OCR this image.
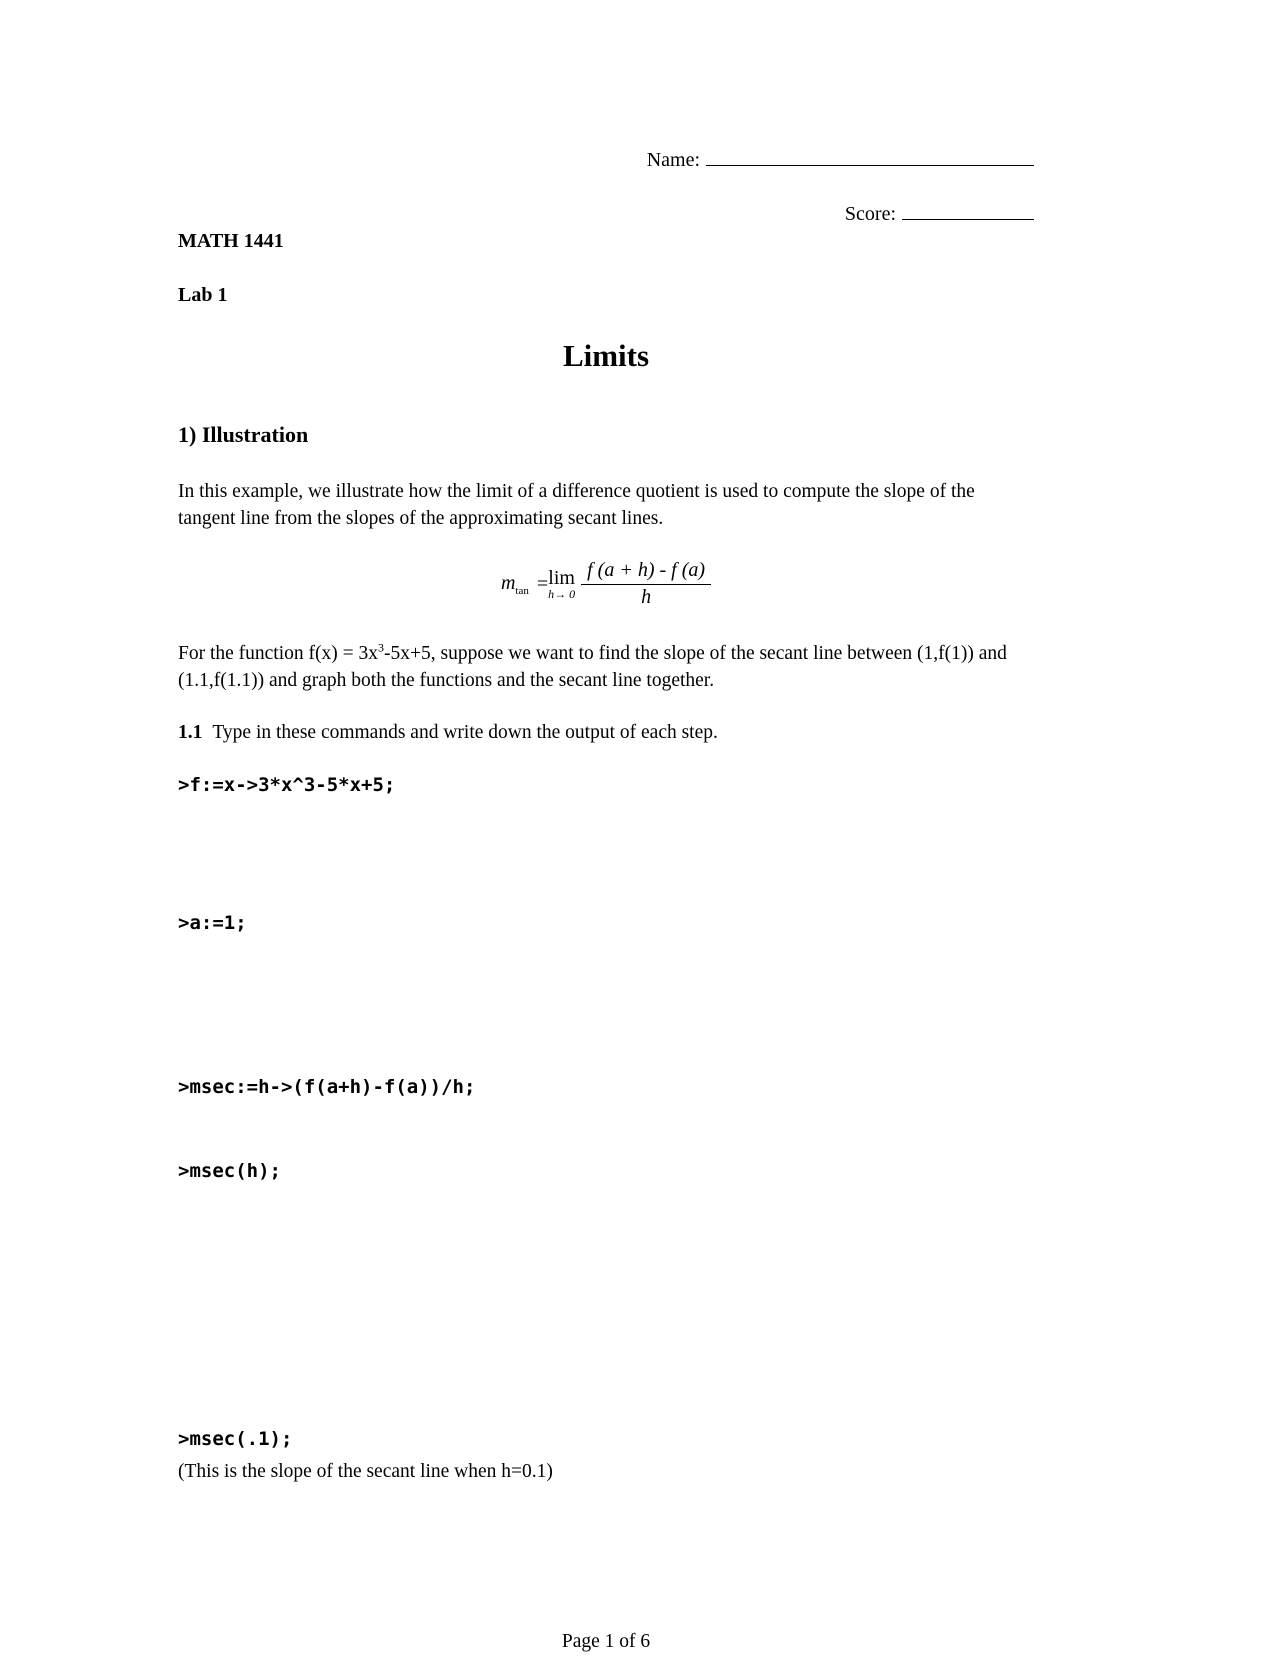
Name:
Score:
MATH 1441
Lab 1
Limits
1) Illustration
In this example, we illustrate how the limit of a difference quotient is used to compute the slope of the tangent line from the slopes of the approximating secant lines.
$m_{tan} = \lim$
$h\to 0 \frac{f (a + h) - f (a)}{h}$
For the function $f(x) = 3x^3-5x+5$, suppose we want to find the slope of the secant line between (1,f(1)) and (1.1,f(1.1)) and graph both the functions and the secant line together.
1.1 Type in these commands and write down the output of each step.
>f:=x->3*x^3-5*x+5;
>a:=1;

>msec:=h->(f(a+h)-f(a))/h;

>msec(h);

>msec(.1);
(This is the slope of the secant line when h=0.1)
Page 1 of 6
